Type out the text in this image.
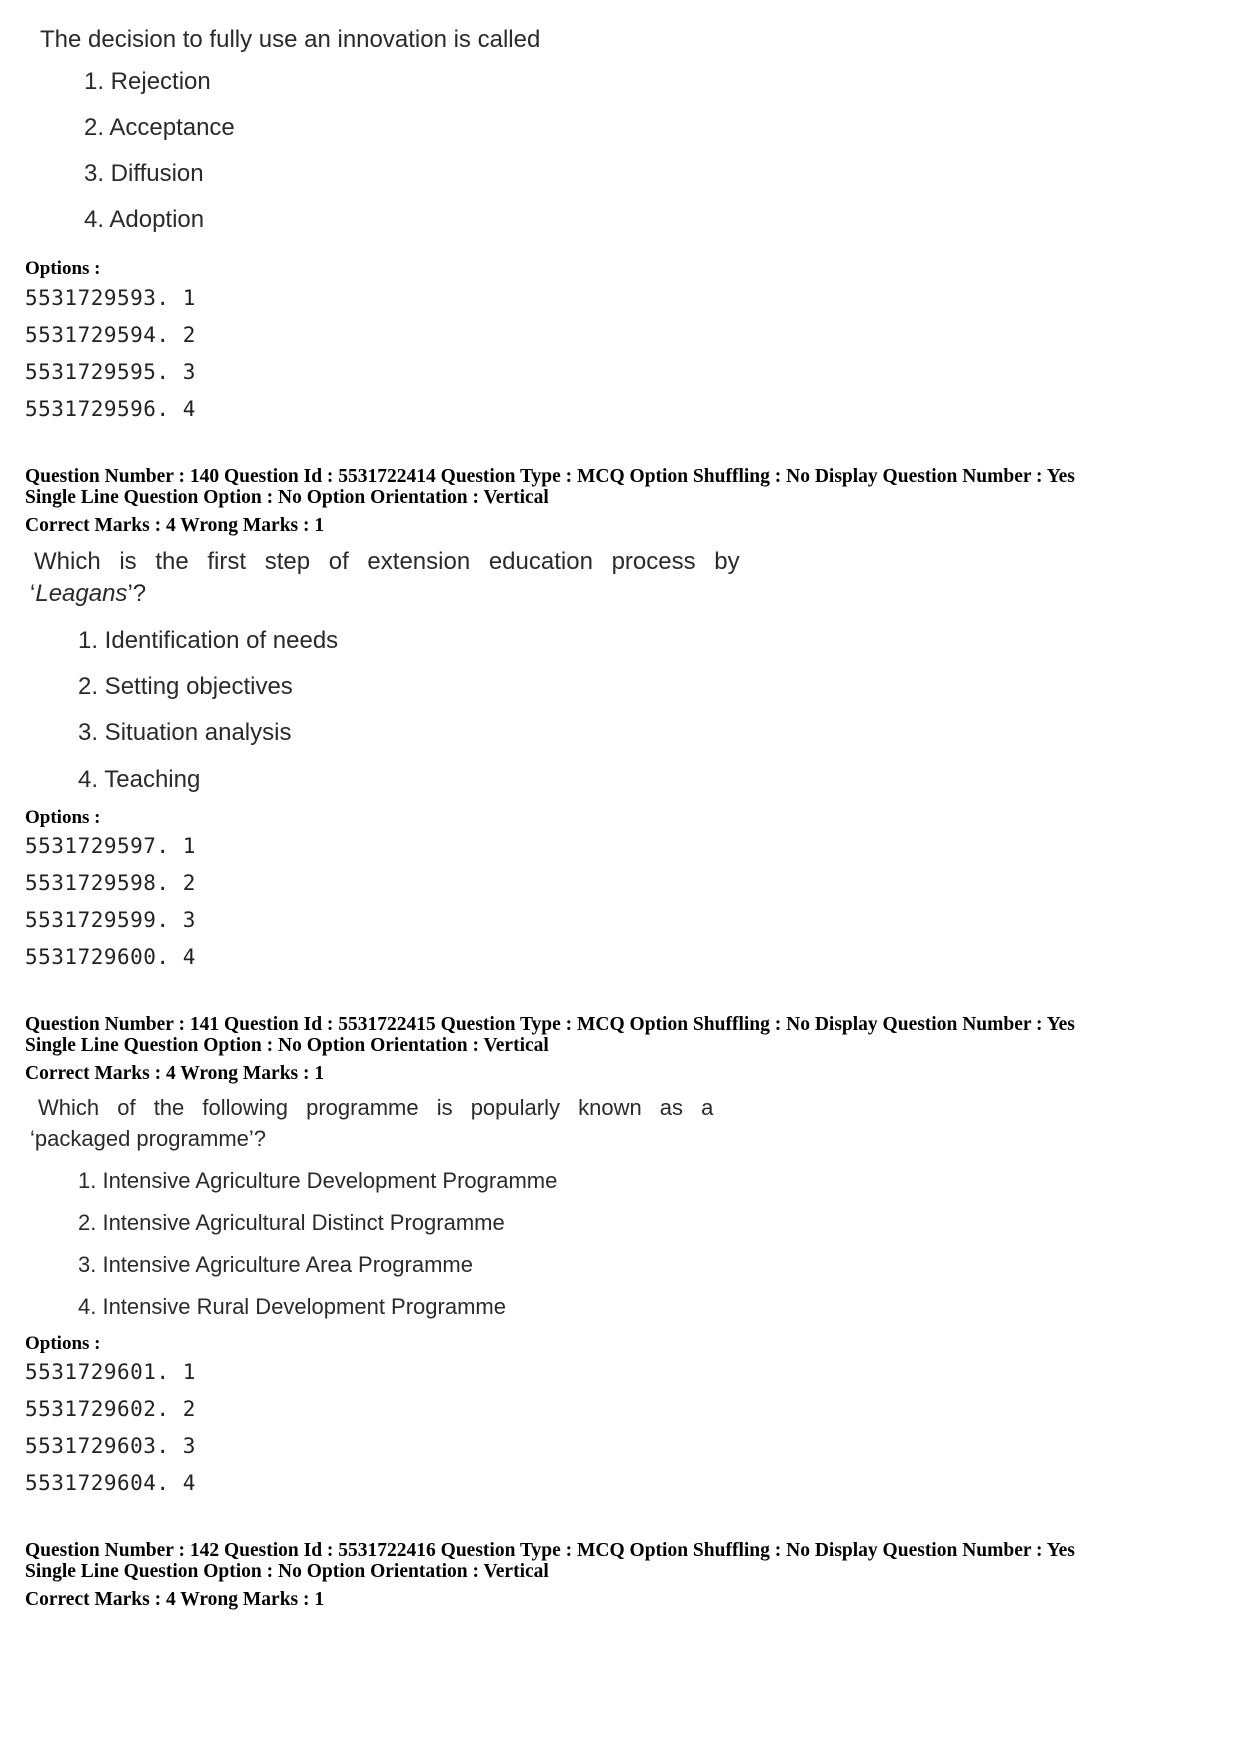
The decision to fully use an innovation is called
1. Rejection
2. Acceptance
3. Diffusion
4. Adoption
Options :
5531729593. 1
5531729594. 2
5531729595. 3
5531729596. 4
Question Number : 140 Question Id : 5531722414 Question Type : MCQ Option Shuffling : No Display Question Number : Yes
Single Line Question Option : No Option Orientation : Vertical
Correct Marks : 4 Wrong Marks : 1
Which is the first step of extension education process by
‘Leagans’?
1. Identification of needs
2. Setting objectives
3. Situation analysis
4. Teaching
Options :
5531729597. 1
5531729598. 2
5531729599. 3
5531729600. 4
Question Number : 141 Question Id : 5531722415 Question Type : MCQ Option Shuffling : No Display Question Number : Yes
Single Line Question Option : No Option Orientation : Vertical
Correct Marks : 4 Wrong Marks : 1
Which of the following programme is popularly known as a
‘packaged programme’?
1. Intensive Agriculture Development Programme
2. Intensive Agricultural Distinct Programme
3. Intensive Agriculture Area Programme
4. Intensive Rural Development Programme
Options :
5531729601. 1
5531729602. 2
5531729603. 3
5531729604. 4
Question Number : 142 Question Id : 5531722416 Question Type : MCQ Option Shuffling : No Display Question Number : Yes
Single Line Question Option : No Option Orientation : Vertical
Correct Marks : 4 Wrong Marks : 1
